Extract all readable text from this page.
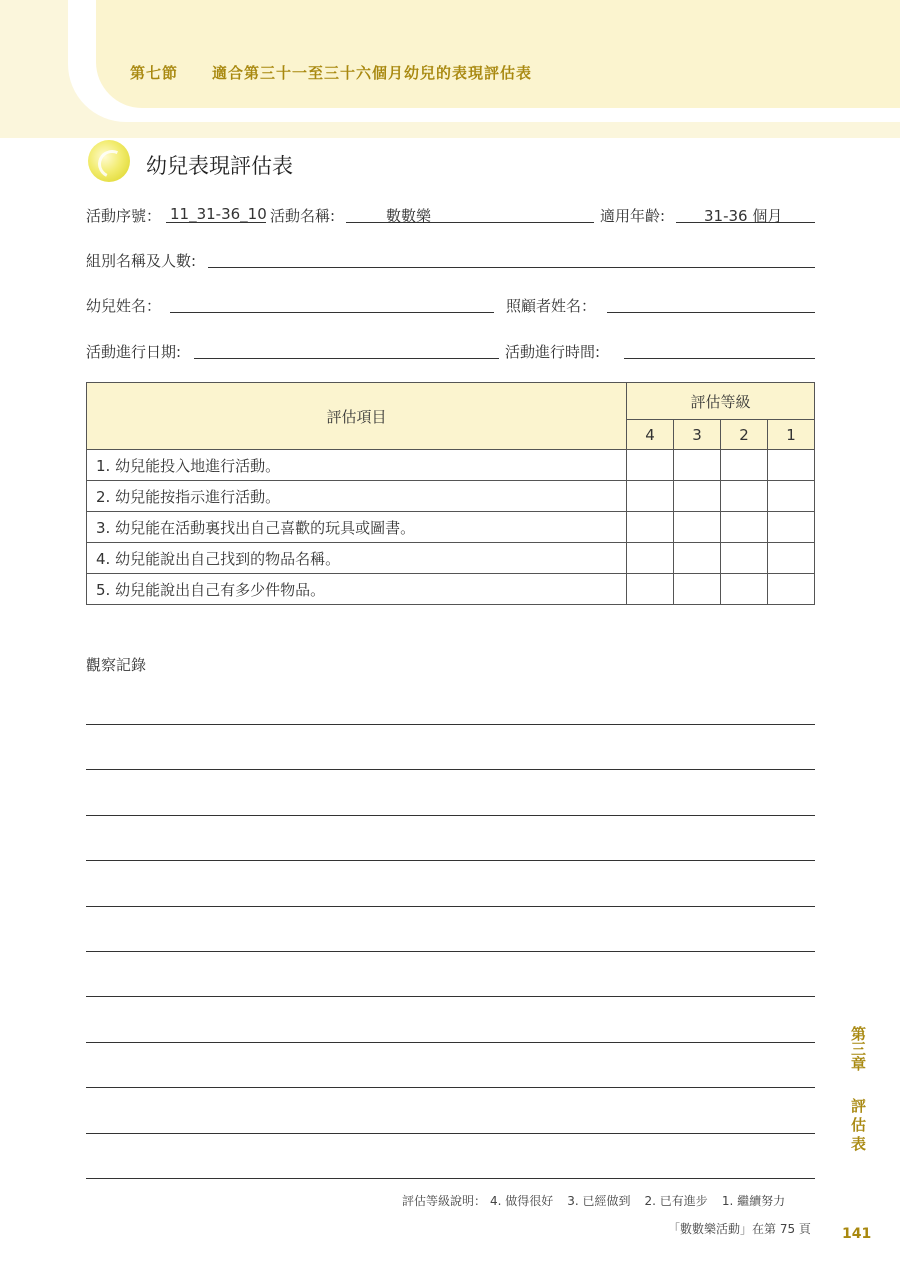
第七節 適合第三十一至三十六個月幼兒的表現評估表
幼兒表現評估表
活動序號： 11_31-36_10 活動名稱:	數數樂	適用年齡:	31-36 個月
組別名稱及人數:
幼兒姓名：	照顧者姓名：
活動進行日期:	活動進行時間:
評估項目	評估等級			
	4	3	2	1
1. 幼兒能投入地進行活動。				
2. 幼兒能按指示進行活動。				
3. 幼兒能在活動裏找出自己喜歡的玩具或圖書。				
4. 幼兒能說出自己找到的物品名稱。				
5. 幼兒能說出自己有多少件物品。				
觀察記錄
第三章
評估表
評估等級說明： 4. 做得很好 3. 已經做到 2. 已有進步 1. 繼續努力
「數數樂活動」在第 75 頁 141
